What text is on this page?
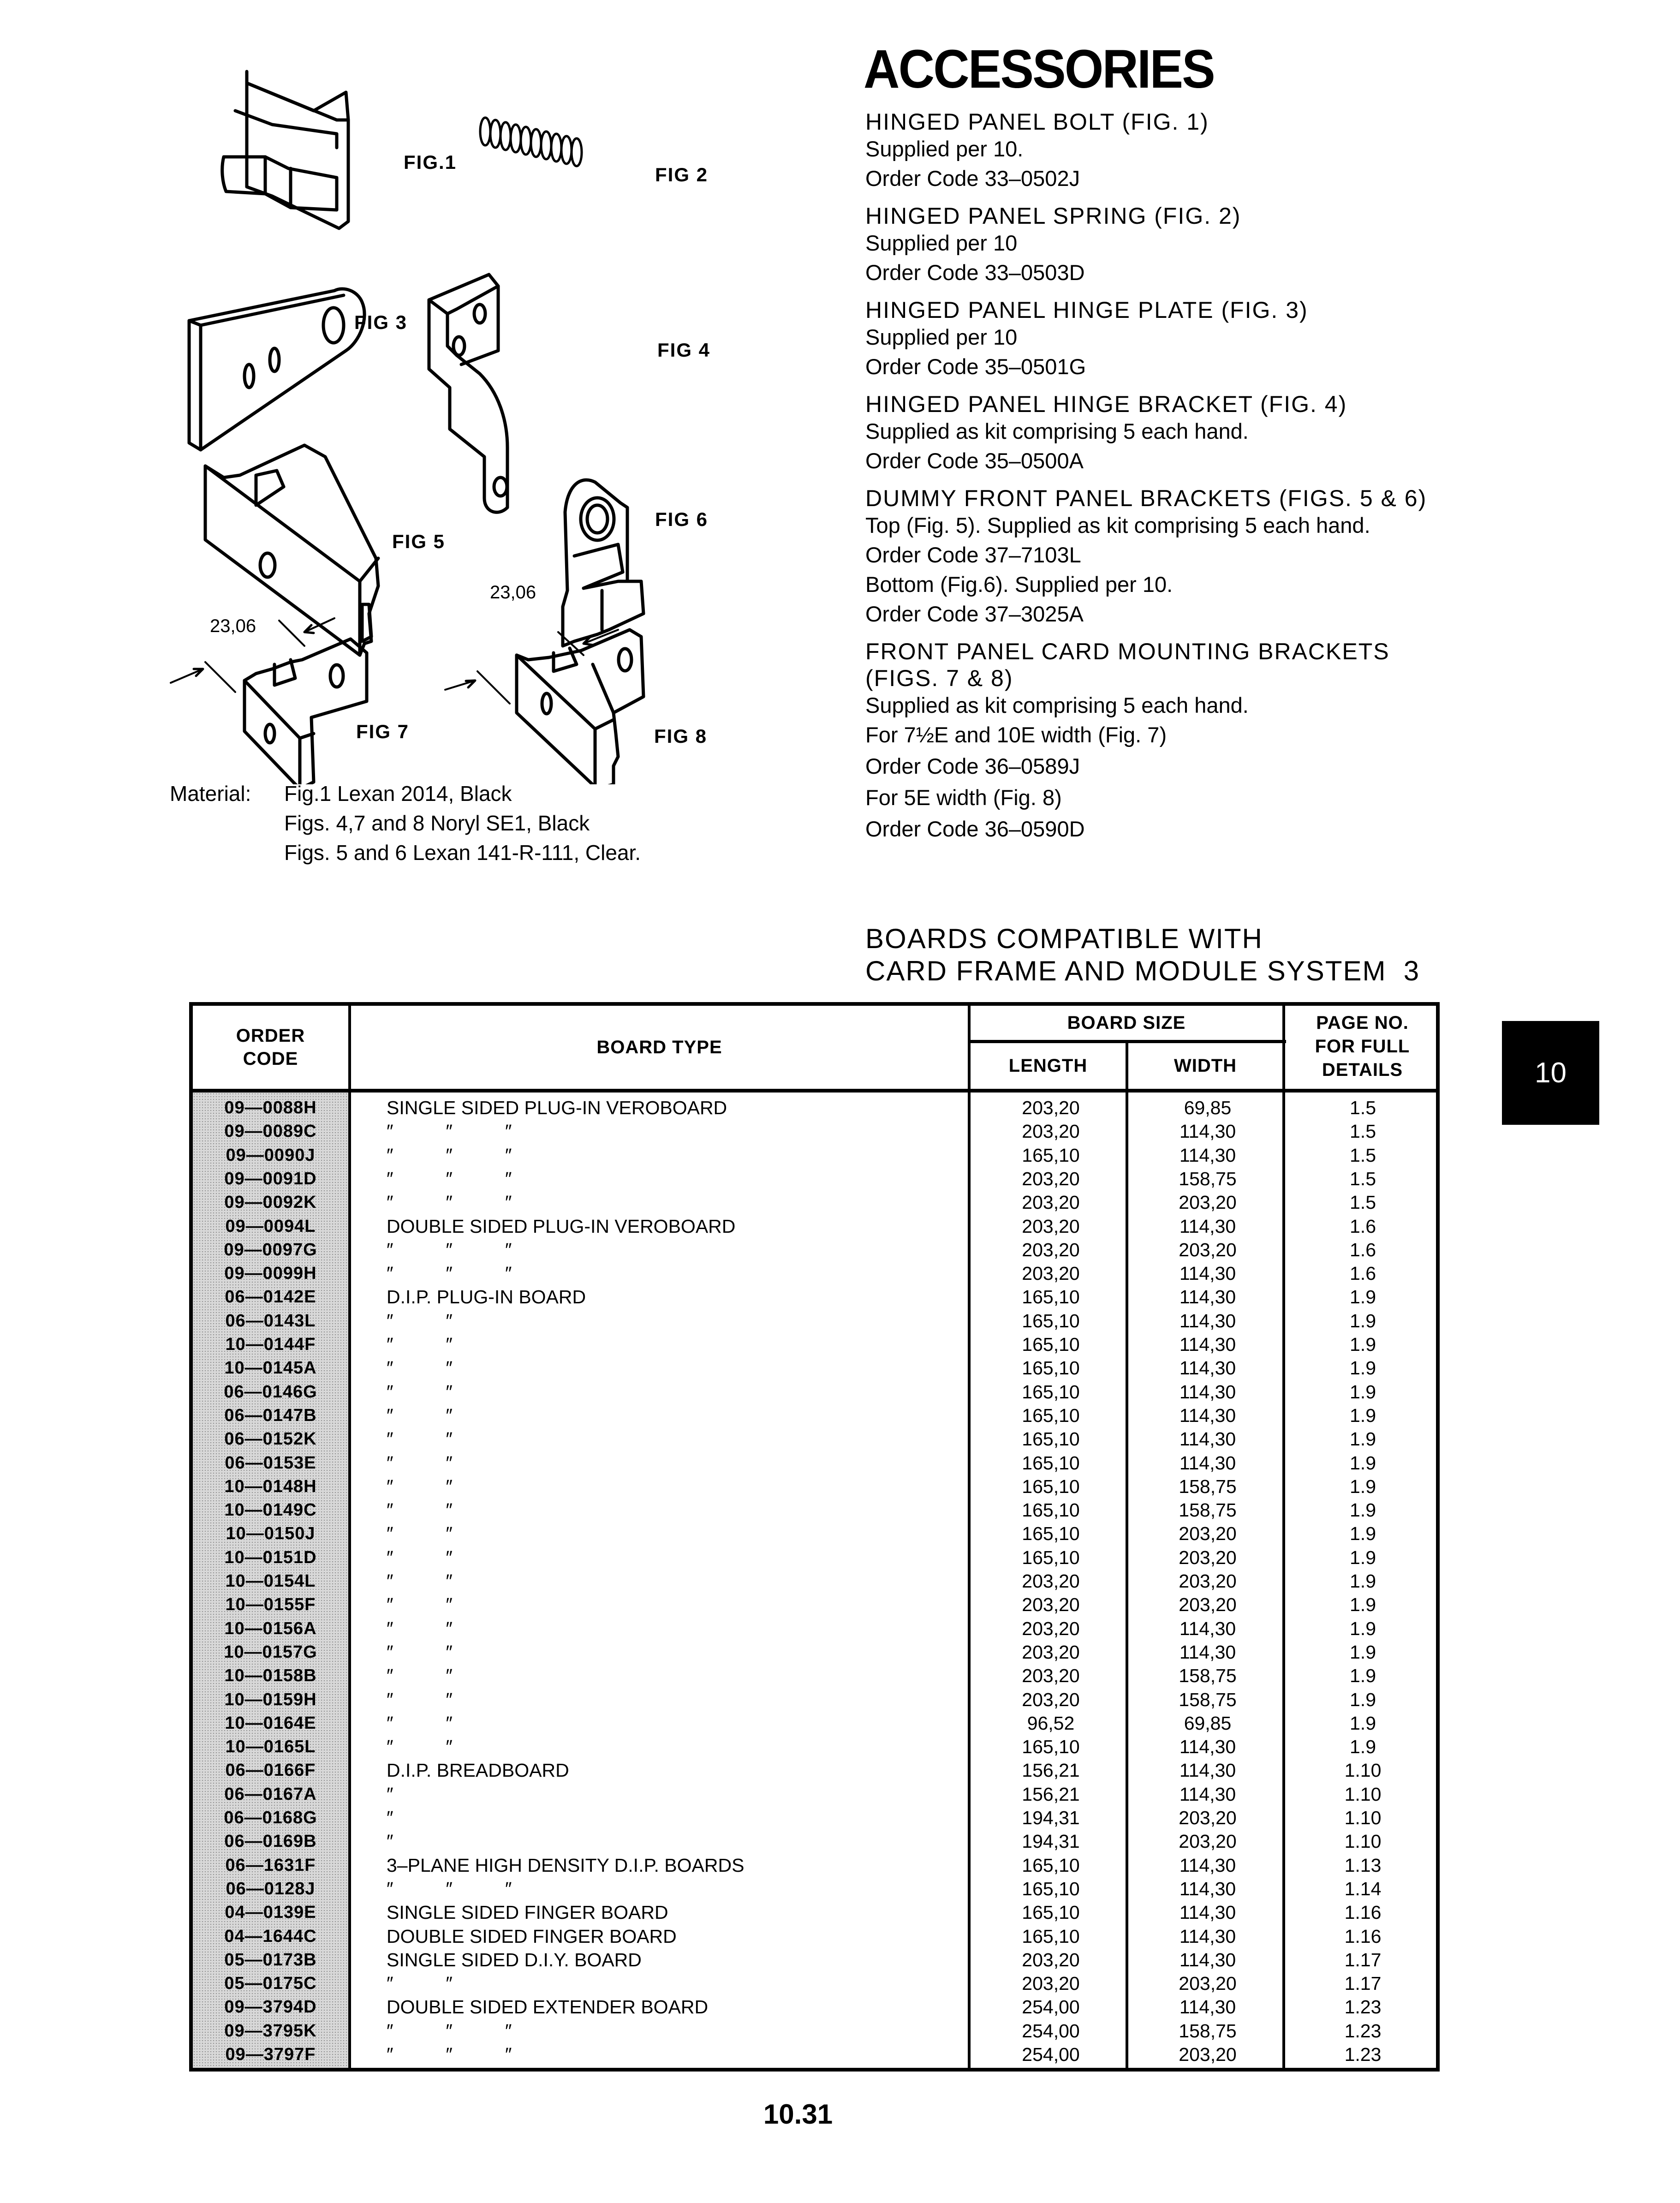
FIG.1
FIG 2
FIG 3
FIG 4
FIG 5
FIG 6
FIG 7	FIG 8
23,06
23,06
Material: Fig.1 Lexan 2014, Black
Figs. 4,7 and 8 Noryl SE1, Black
Figs. 5 and 6 Lexan 141-R-111, Clear.
ACCESSORIES
HINGED PANEL BOLT (FIG. 1)
Supplied per 10.
Order Code 33–0502J
HINGED PANEL SPRING (FIG. 2)
Supplied per 10
Order Code 33–0503D
HINGED PANEL HINGE PLATE (FIG. 3)
Supplied per 10
Order Code 35–0501G
HINGED PANEL HINGE BRACKET (FIG. 4)
Supplied as kit comprising 5 each hand.
Order Code 35–0500A
DUMMY FRONT PANEL BRACKETS (FIGS. 5 & 6)
Top (Fig. 5). Supplied as kit comprising 5 each hand.
Order Code 37–7103L
Bottom (Fig.6). Supplied per 10.
Order Code 37–3025A
FRONT PANEL CARD MOUNTING BRACKETS
(FIGS. 7 & 8)
Supplied as kit comprising 5 each hand.
For 7½E and 10E width (Fig. 7)
Order Code 36–0589J
For 5E width (Fig. 8)
Order Code 36–0590D
BOARDS COMPATIBLE WITH
CARD FRAME AND MODULE SYSTEM  3
ORDER
CODE
BOARD TYPE
BOARD SIZE
LENGTH	WIDTH
PAGE NO.
FOR FULL
DETAILS
09—0088H	SINGLE SIDED PLUG-IN VEROBOARD	203,20	69,85	1.5
09—0089C	″          ″          ″	203,20	114,30	1.5
09—0090J	″          ″          ″	165,10	114,30	1.5
09—0091D	″          ″          ″	203,20	158,75	1.5
09—0092K	″          ″          ″	203,20	203,20	1.5
09—0094L	DOUBLE SIDED PLUG-IN VEROBOARD	203,20	114,30	1.6
09—0097G	″          ″          ″	203,20	203,20	1.6
09—0099H	″          ″          ″	203,20	114,30	1.6
06—0142E	D.I.P. PLUG-IN BOARD	165,10	114,30	1.9
06—0143L	″          ″	165,10	114,30	1.9
10—0144F	″          ″	165,10	114,30	1.9
10—0145A	″          ″	165,10	114,30	1.9
06—0146G	″          ″	165,10	114,30	1.9
06—0147B	″          ″	165,10	114,30	1.9
06—0152K	″          ″	165,10	114,30	1.9
06—0153E	″          ″	165,10	114,30	1.9
10—0148H	″          ″	165,10	158,75	1.9
10—0149C	″          ″	165,10	158,75	1.9
10—0150J	″          ″	165,10	203,20	1.9
10—0151D	″          ″	165,10	203,20	1.9
10—0154L	″          ″	203,20	203,20	1.9
10—0155F	″          ″	203,20	203,20	1.9
10—0156A	″          ″	203,20	114,30	1.9
10—0157G	″          ″	203,20	114,30	1.9
10—0158B	″          ″	203,20	158,75	1.9
10—0159H	″          ″	203,20	158,75	1.9
10—0164E	″          ″	96,52	69,85	1.9
10—0165L	″          ″	165,10	114,30	1.9
06—0166F	D.I.P. BREADBOARD	156,21	114,30	1.10
06—0167A	″	156,21	114,30	1.10
06—0168G	″	194,31	203,20	1.10
06—0169B	″	194,31	203,20	1.10
06—1631F	3–PLANE HIGH DENSITY D.I.P. BOARDS	165,10	114,30	1.13
06—0128J	″          ″          ″	165,10	114,30	1.14
04—0139E	SINGLE SIDED FINGER BOARD	165,10	114,30	1.16
04—1644C	DOUBLE SIDED FINGER BOARD	165,10	114,30	1.16
05—0173B	SINGLE SIDED D.I.Y. BOARD	203,20	114,30	1.17
05—0175C	″          ″	203,20	203,20	1.17
09—3794D	DOUBLE SIDED EXTENDER BOARD	254,00	114,30	1.23
09—3795K	″          ″          ″	254,00	158,75	1.23
09—3797F	″          ″          ″	254,00	203,20	1.23
10
10.31
